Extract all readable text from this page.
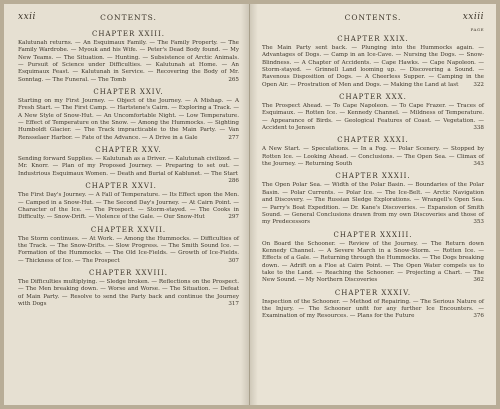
xxii	CONTENTS.
CHAPTER XXIII.

Kalutunah returns. — An Esquimaux Family. — The Family Property. — The Family Wardrobe. — Myouk and his Wife. — Peter's Dead Body found. — My New Teams. — The Situation. — Hunting. — Subsistence of Arctic Animals. — Pursuit of Science under Difficulties. — Kalutunah at Home. — An Esquimaux Feast. — Kalutunah in Service. — Recovering the Body of Mr. Sonntag. — The Funeral. — The Tomb	265

CHAPTER XXIV.

Starting on my First Journey. — Object of the Journey. — A Mishap. — A Fresh Start. — The First Camp. — Hartstene's Cairn. — Exploring a Track. — A New Style of Snow-Hut. — An Uncomfortable Night. — Low Temperature. — Effect of Temperature on the Snow. — Among the Hummocks. — Sighting Humboldt Glacier. — The Track impracticable to the Main Party. — Van Rensselaer Harbor. — Fate of the Advance. — A Drive in a Gale	277

CHAPTER XXV.

Sending forward Supplies. — Kalutunah as a Driver. — Kalutunah civilized. — Mr. Knorr. — Plan of my Proposed Journey. — Preparing to set out. — Industrious Esquimaux Women. — Death and Burial of Kablunet. — The Start
286

CHAPTER XXVI.

The First Day's Journey. — A Fall of Temperature. — Its Effect upon the Men. — Camped in a Snow-Hut. — The Second Day's Journey. — At Cairn Point. — Character of the Ice. — The Prospect. — Storm-stayed. — The Cooks in Difficulty. — Snow-Drift. — Violence of the Gale. — Our Snow-Hut	297

CHAPTER XXVII.

The Storm continues. — At Work. — Among the Hummocks. — Difficulties of the Track. — The Snow-Drifts. — Slow Progress. — The Smith Sound Ice. — Formation of the Hummocks. — The Old Ice-Fields. — Growth of Ice-Fields. — Thickness of Ice. — The Prospect	307

CHAPTER XXVIII.

The Difficulties multiplying. — Sledge broken. — Reflections on the Prospect. — The Men breaking down. — Worse and Worse. — The Situation. — Defeat of Main Party. — Resolve to send the Party back and continue the Journey with Dogs	317

CONTENTS.	xxiii
PAGE
CHAPTER XXIX.

The Main Party sent back. — Plunging into the Hummocks again. — Advantages of Dogs. — Camp in an Ice-Cave. — Nursing the Dogs. — Snow-Blindness. — A Chapter of Accidents. — Cape Hawks. — Cape Napoleon. — Storm-stayed. — Grinnell Land looming up. — Discovering a Sound. — Ravenous Disposition of Dogs. — A Cheerless Supper. — Camping in the Open Air. — Prostration of Men and Dogs. — Making the Land at last	322

CHAPTER XXX.

The Prospect Ahead. — To Cape Napoleon. — To Cape Frazer. — Traces of Esquimaux. — Rotten Ice. — Kennedy Channel. — Mildness of Temperature. — Appearance of Birds. — Geological Features of Coast. — Vegetation. — Accident to Jensen	338

CHAPTER XXXI.

A New Start. — Speculations. — In a Fog. — Polar Scenery. — Stopped by Rotten Ice. — Looking Ahead. — Conclusions. — The Open Sea. — Climax of the Journey. — Returning South	343

CHAPTER XXXII.

The Open Polar Sea. — Width of the Polar Basin. — Boundaries of the Polar Basin. — Polar Currents. — Polar Ice. — The Ice-Belt. — Arctic Navigation and Discovery. — The Russian Sledge Explorations. — Wrangell's Open Sea. — Parry's Boat Expedition. — Dr. Kane's Discoveries. — Expansion of Smith Sound. — General Conclusions drawn from my own Discoveries and those of my Predecessors	353

CHAPTER XXXIII.

On Board the Schooner. — Review of the Journey. — The Return down Kennedy Channel. — A Severe March in a Snow-Storm. — Rotten Ice. — Effects of a Gale. — Returning through the Hummocks. — The Dogs breaking down. — Adrift on a Floe at Cairn Point. — The Open Water compels us to take to the Land. — Reaching the Schooner. — Projecting a Chart. — The New Sound. — My Northern Discoveries	362

CHAPTER XXXIV.

Inspection of the Schooner. — Method of Repairing. — The Serious Nature of the Injury. — The Schooner unfit for any further Ice Encounters. — Examination of my Resources. — Plans for the Future	376
